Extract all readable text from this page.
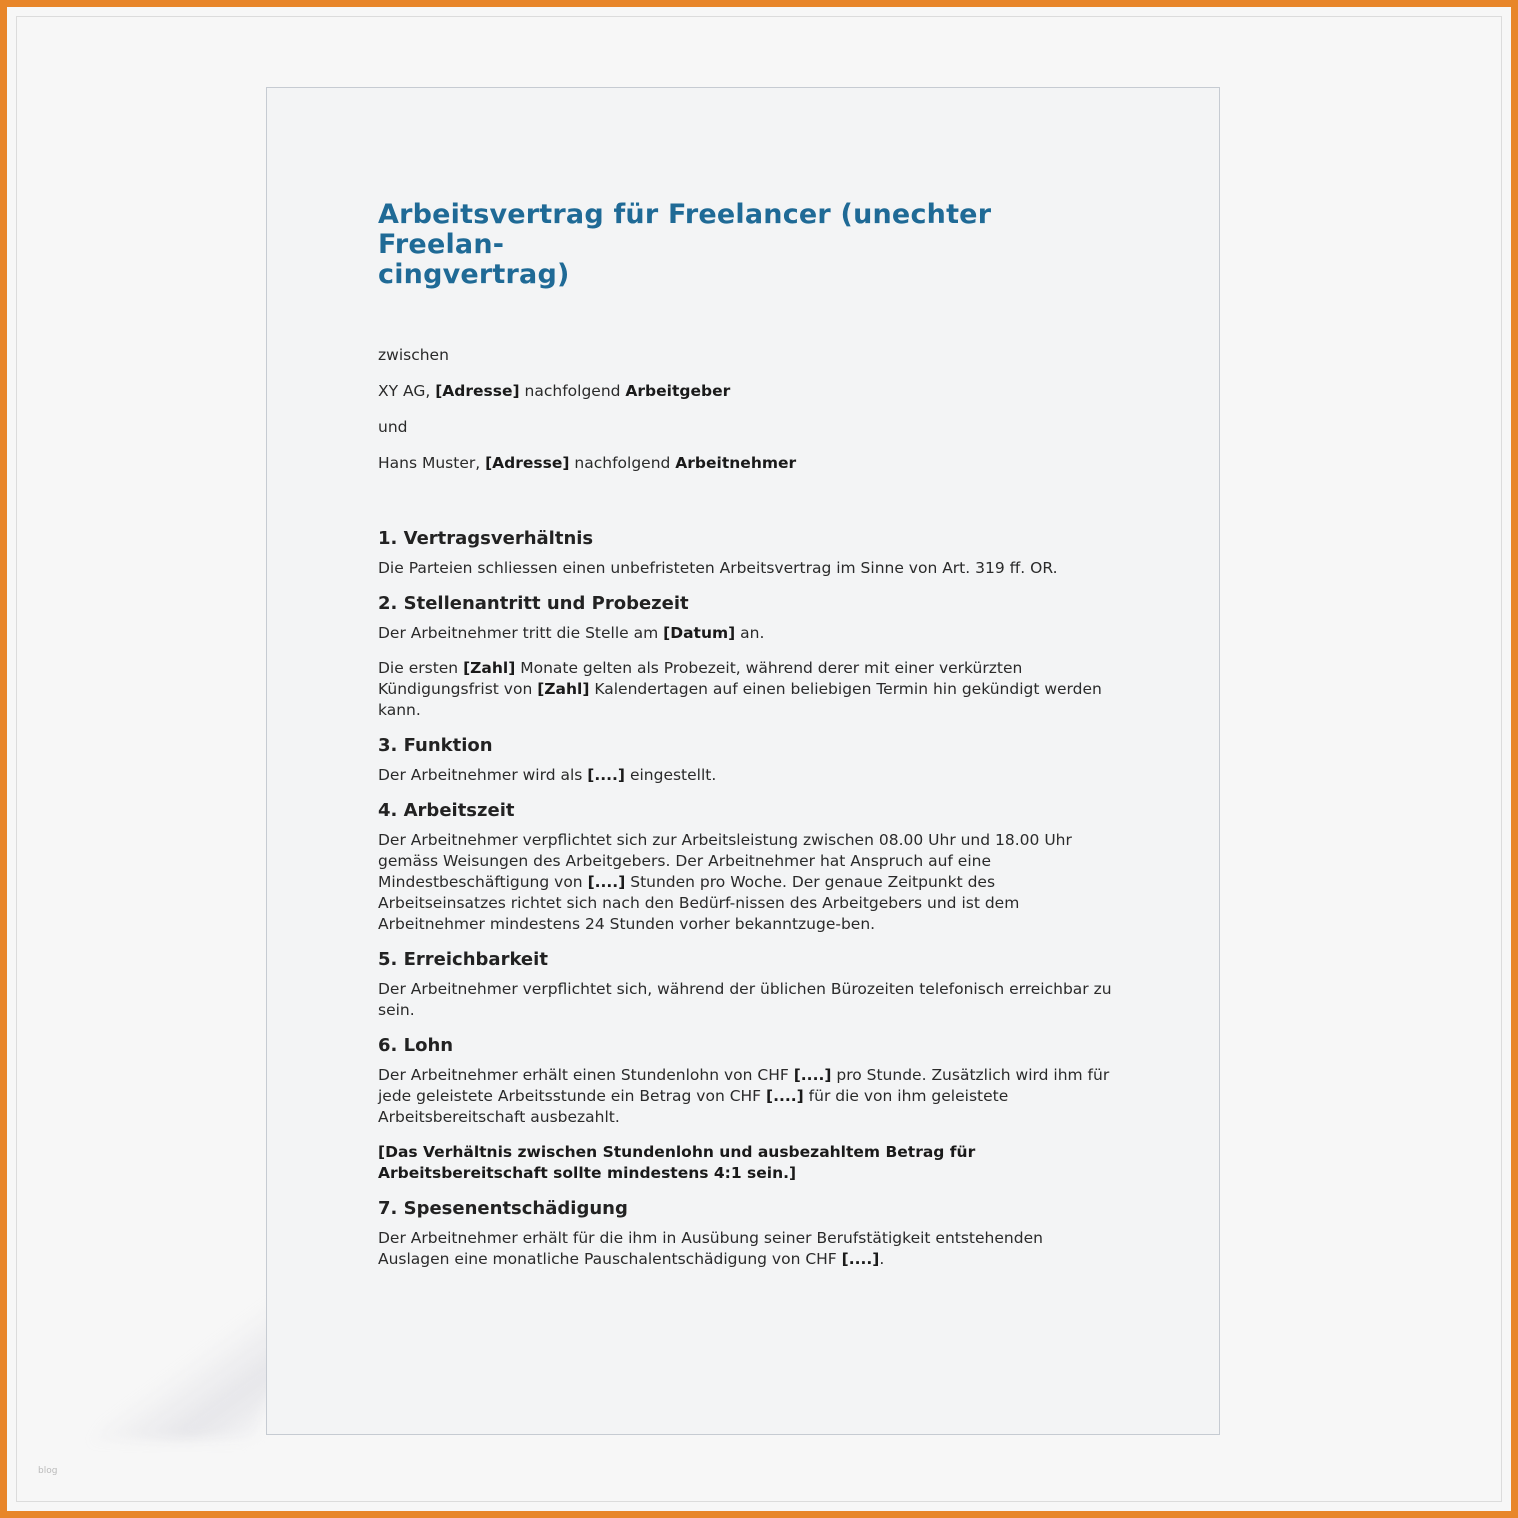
Arbeitsvertrag für Freelancer (unechter Freelan-
cingvertrag)

zwischen

XY AG, [Adresse] nachfolgend Arbeitgeber

und

Hans Muster, [Adresse] nachfolgend Arbeitnehmer

1. Vertragsverhältnis

Die Parteien schliessen einen unbefristeten Arbeitsvertrag im Sinne von Art. 319 ff. OR.

2. Stellenantritt und Probezeit

Der Arbeitnehmer tritt die Stelle am [Datum] an.

Die ersten [Zahl] Monate gelten als Probezeit, während derer mit einer verkürzten Kündigungsfrist von [Zahl] Kalendertagen auf einen beliebigen Termin hin gekündigt werden kann.

3. Funktion

Der Arbeitnehmer wird als [....] eingestellt.

4. Arbeitszeit

Der Arbeitnehmer verpflichtet sich zur Arbeitsleistung zwischen 08.00 Uhr und 18.00 Uhr gemäss Weisungen des Arbeitgebers. Der Arbeitnehmer hat Anspruch auf eine Mindestbeschäftigung von [....] Stunden pro Woche. Der genaue Zeitpunkt des Arbeitseinsatzes richtet sich nach den Bedürf-nissen des Arbeitgebers und ist dem Arbeitnehmer mindestens 24 Stunden vorher bekanntzuge-ben.

5. Erreichbarkeit

Der Arbeitnehmer verpflichtet sich, während der üblichen Bürozeiten telefonisch erreichbar zu sein.

6. Lohn

Der Arbeitnehmer erhält einen Stundenlohn von CHF [....] pro Stunde. Zusätzlich wird ihm für jede geleistete Arbeitsstunde ein Betrag von CHF [....] für die von ihm geleistete Arbeitsbereitschaft ausbezahlt.

[Das Verhältnis zwischen Stundenlohn und ausbezahltem Betrag für Arbeitsbereitschaft sollte mindestens 4:1 sein.]

7. Spesenentschädigung

Der Arbeitnehmer erhält für die ihm in Ausübung seiner Berufstätigkeit entstehenden Auslagen eine monatliche Pauschalentschädigung von CHF [....].

blog
